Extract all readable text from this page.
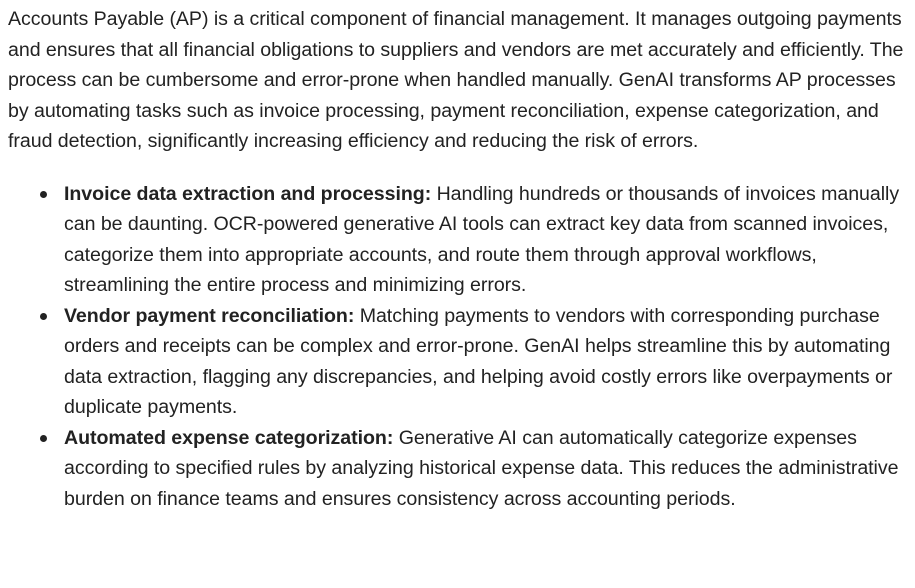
Accounts Payable (AP) is a critical component of financial management. It manages outgoing payments and ensures that all financial obligations to suppliers and vendors are met accurately and efficiently. The process can be cumbersome and error-prone when handled manually. GenAI transforms AP processes by automating tasks such as invoice processing, payment reconciliation, expense categorization, and fraud detection, significantly increasing efficiency and reducing the risk of errors.

Invoice data extraction and processing: Handling hundreds or thousands of invoices manually can be daunting. OCR-powered generative AI tools can extract key data from scanned invoices, categorize them into appropriate accounts, and route them through approval workflows, streamlining the entire process and minimizing errors.
Vendor payment reconciliation: Matching payments to vendors with corresponding purchase orders and receipts can be complex and error-prone. GenAI helps streamline this by automating data extraction, flagging any discrepancies, and helping avoid costly errors like overpayments or duplicate payments.
Automated expense categorization: Generative AI can automatically categorize expenses according to specified rules by analyzing historical expense data. This reduces the administrative burden on finance teams and ensures consistency across accounting periods.
